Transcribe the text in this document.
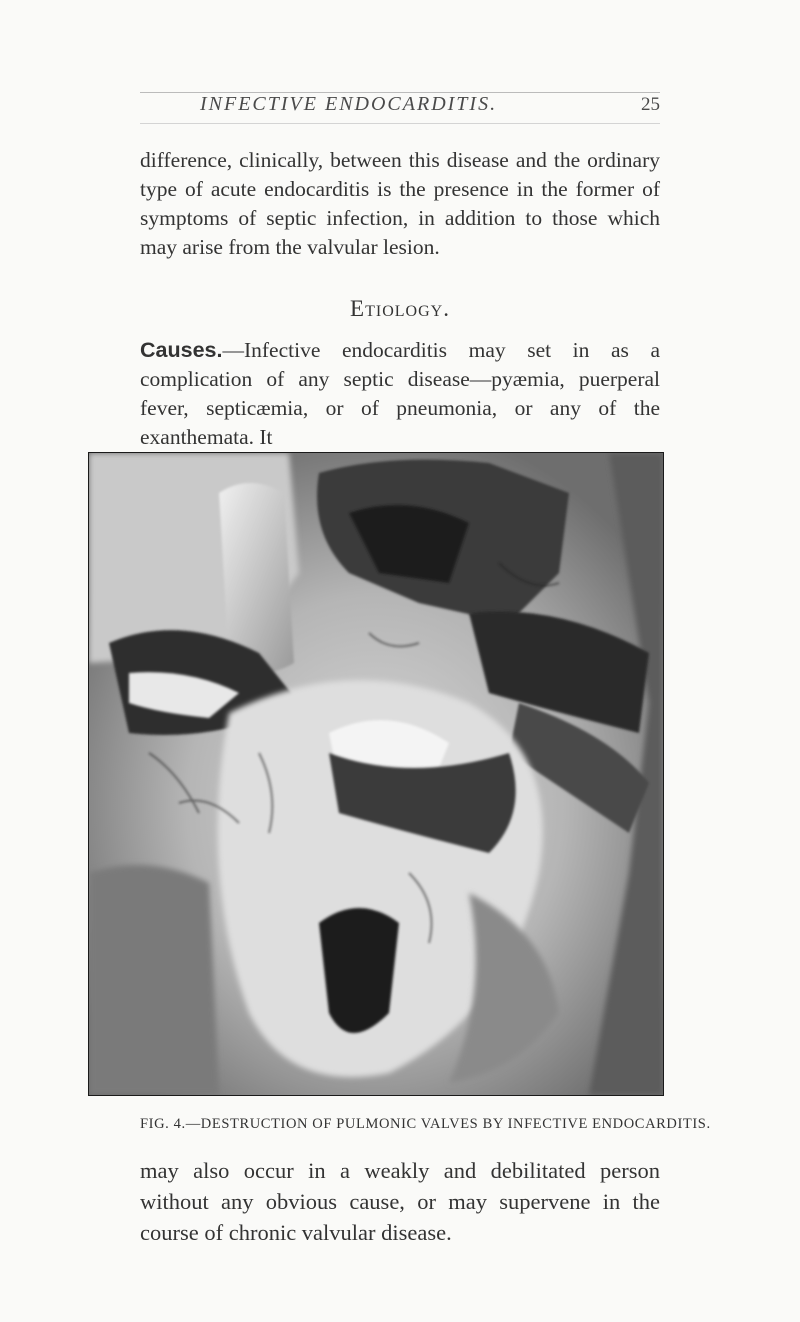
INFECTIVE ENDOCARDITIS.	25

difference, clinically, between this disease and the ordinary type of acute endocarditis is the presence in the former of symptoms of septic infection, in addition to those which may arise from the valvular lesion.

Etiology.

Causes.—Infective endocarditis may set in as a complication of any septic disease—pyæmia, puerperal fever, septicæmia, or of pneumonia, or any of the exanthemata. It

FIG. 4.—DESTRUCTION OF PULMONIC VALVES BY INFECTIVE ENDOCARDITIS.

may also occur in a weakly and debilitated person without any obvious cause, or may supervene in the course of chronic valvular disease.
